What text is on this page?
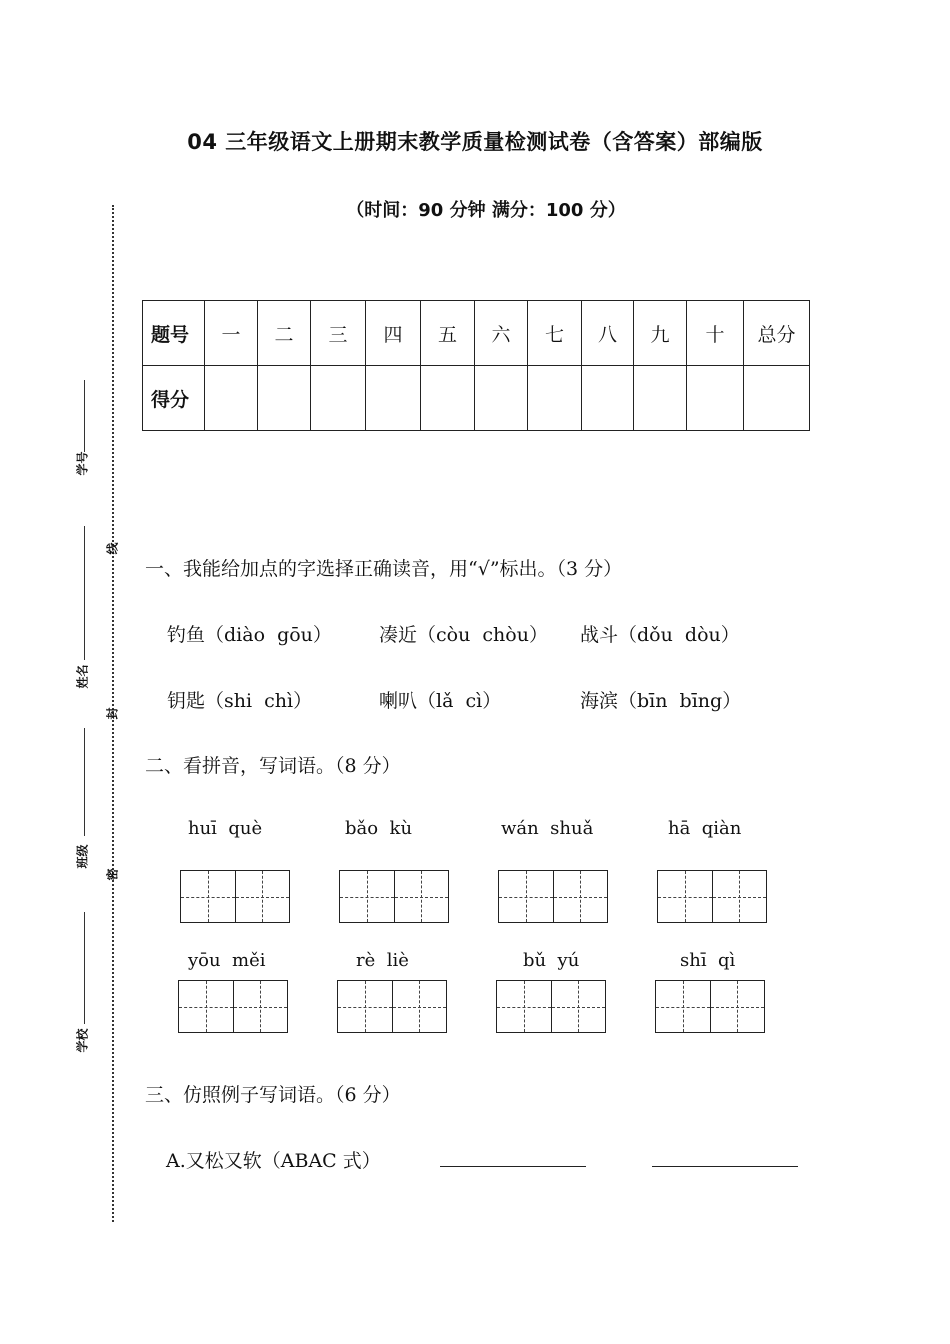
04 三年级语文上册期末教学质量检测试卷（含答案）部编版
（时间：90 分钟 满分：100 分）
线
封
密
学号
姓名
班级
学校
题号	一	二	三	四	五	六	七	八	九	十	总分
得分											
一、我能给加点的字选择正确读音，用“√”标出。（3 分）
钓鱼（diào  gōu） 凑近（còu  chòu） 战斗（dǒu  dòu）
钥匙（shi  chì）	喇叭（lǎ  cì）	海滨（bīn  bīng）
二、看拼音，写词语。（8 分）
huī  què	bǎo  kù	wán  shuǎ	hā  qiàn
yōu  měi	rè  liè	bǔ  yú	shī  qì
三、仿照例子写词语。（6 分）
A.又松又软（ABAC 式）
